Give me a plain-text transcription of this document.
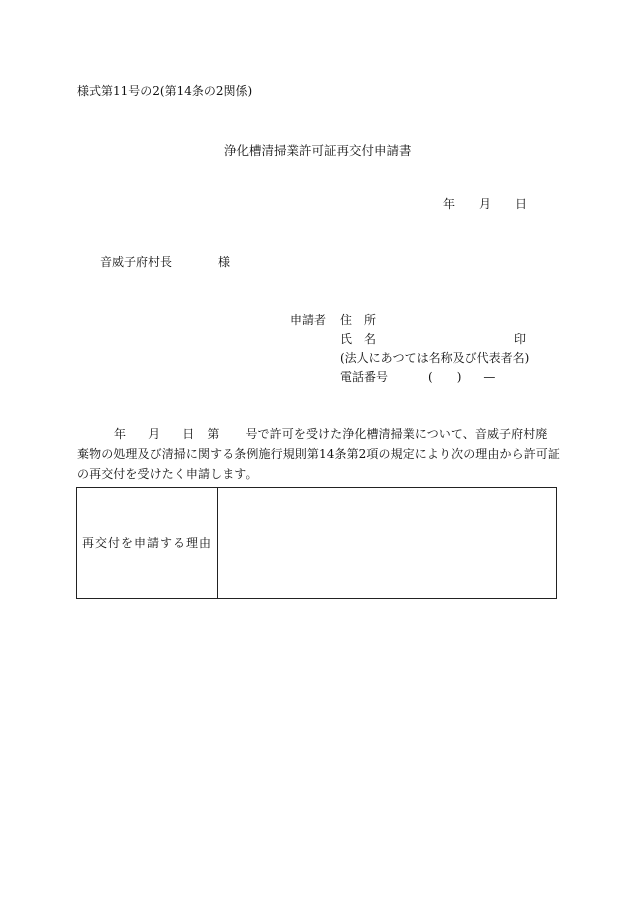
様式第11号の2(第14条の2関係)
浄化槽清掃業許可証再交付申請書
年 月 日
音威子府村長	様
申請者 住　所
氏　名	印
(法人にあつては名称及び代表者名)
電話番号	( ) —
年 月 日 第 号で許可を受けた浄化槽清掃業について、音威子府村廃
棄物の処理及び清掃に関する条例施行規則第14条第2項の規定により次の理由から許可証
の再交付を受けたく申請します。
再交付を申請する理由
